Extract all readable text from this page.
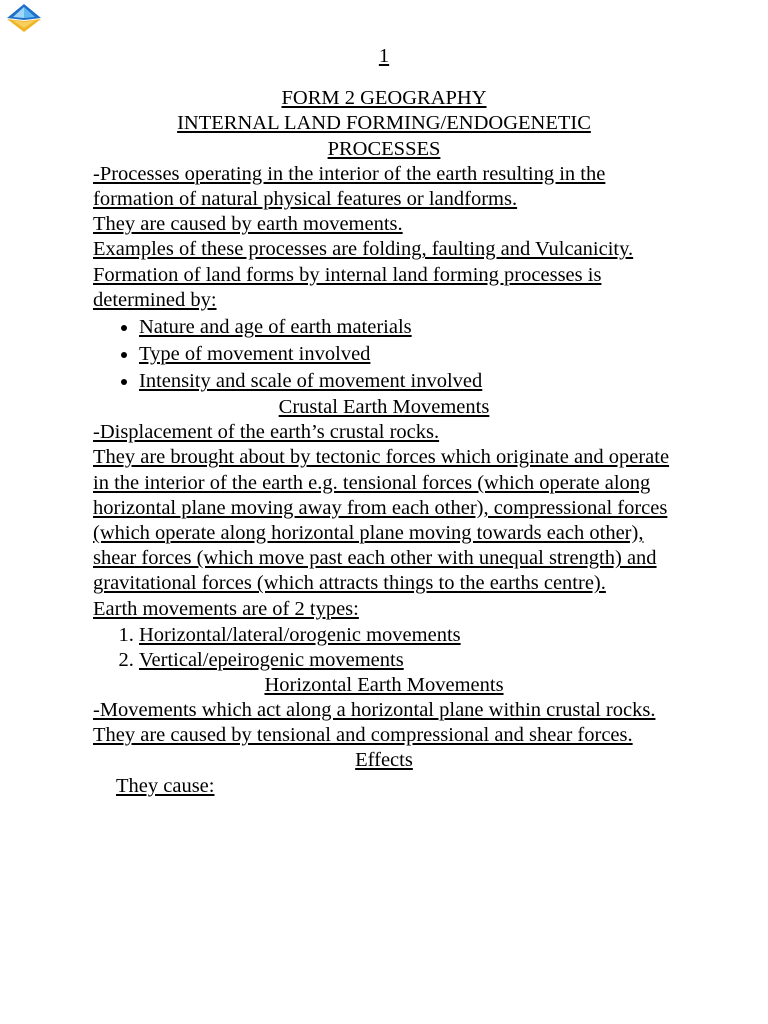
1

FORM 2 GEOGRAPHY

INTERNAL LAND FORMING/ENDOGENETIC

PROCESSES

-Processes operating in the interior of the earth resulting in the formation of natural physical features or landforms.

They are caused by earth movements.

Examples of these processes are folding, faulting and Vulcanicity.

Formation of land forms by internal land forming processes is determined by:

• Nature and age of earth materials
• Type of movement involved
• Intensity and scale of movement involved

Crustal Earth Movements

-Displacement of the earth’s crustal rocks.

They are brought about by tectonic forces which originate and operate in the interior of the earth e.g. tensional forces (which operate along horizontal plane moving away from each other), compressional forces (which operate along horizontal plane moving towards each other), shear forces (which move past each other with unequal strength) and gravitational forces (which attracts things to the earths centre).

Earth movements are of 2 types:

1. Horizontal/lateral/orogenic movements
2. Vertical/epeirogenic movements

Horizontal Earth Movements

-Movements which act along a horizontal plane within crustal rocks.

They are caused by tensional and compressional and shear forces.

Effects

They cause:
